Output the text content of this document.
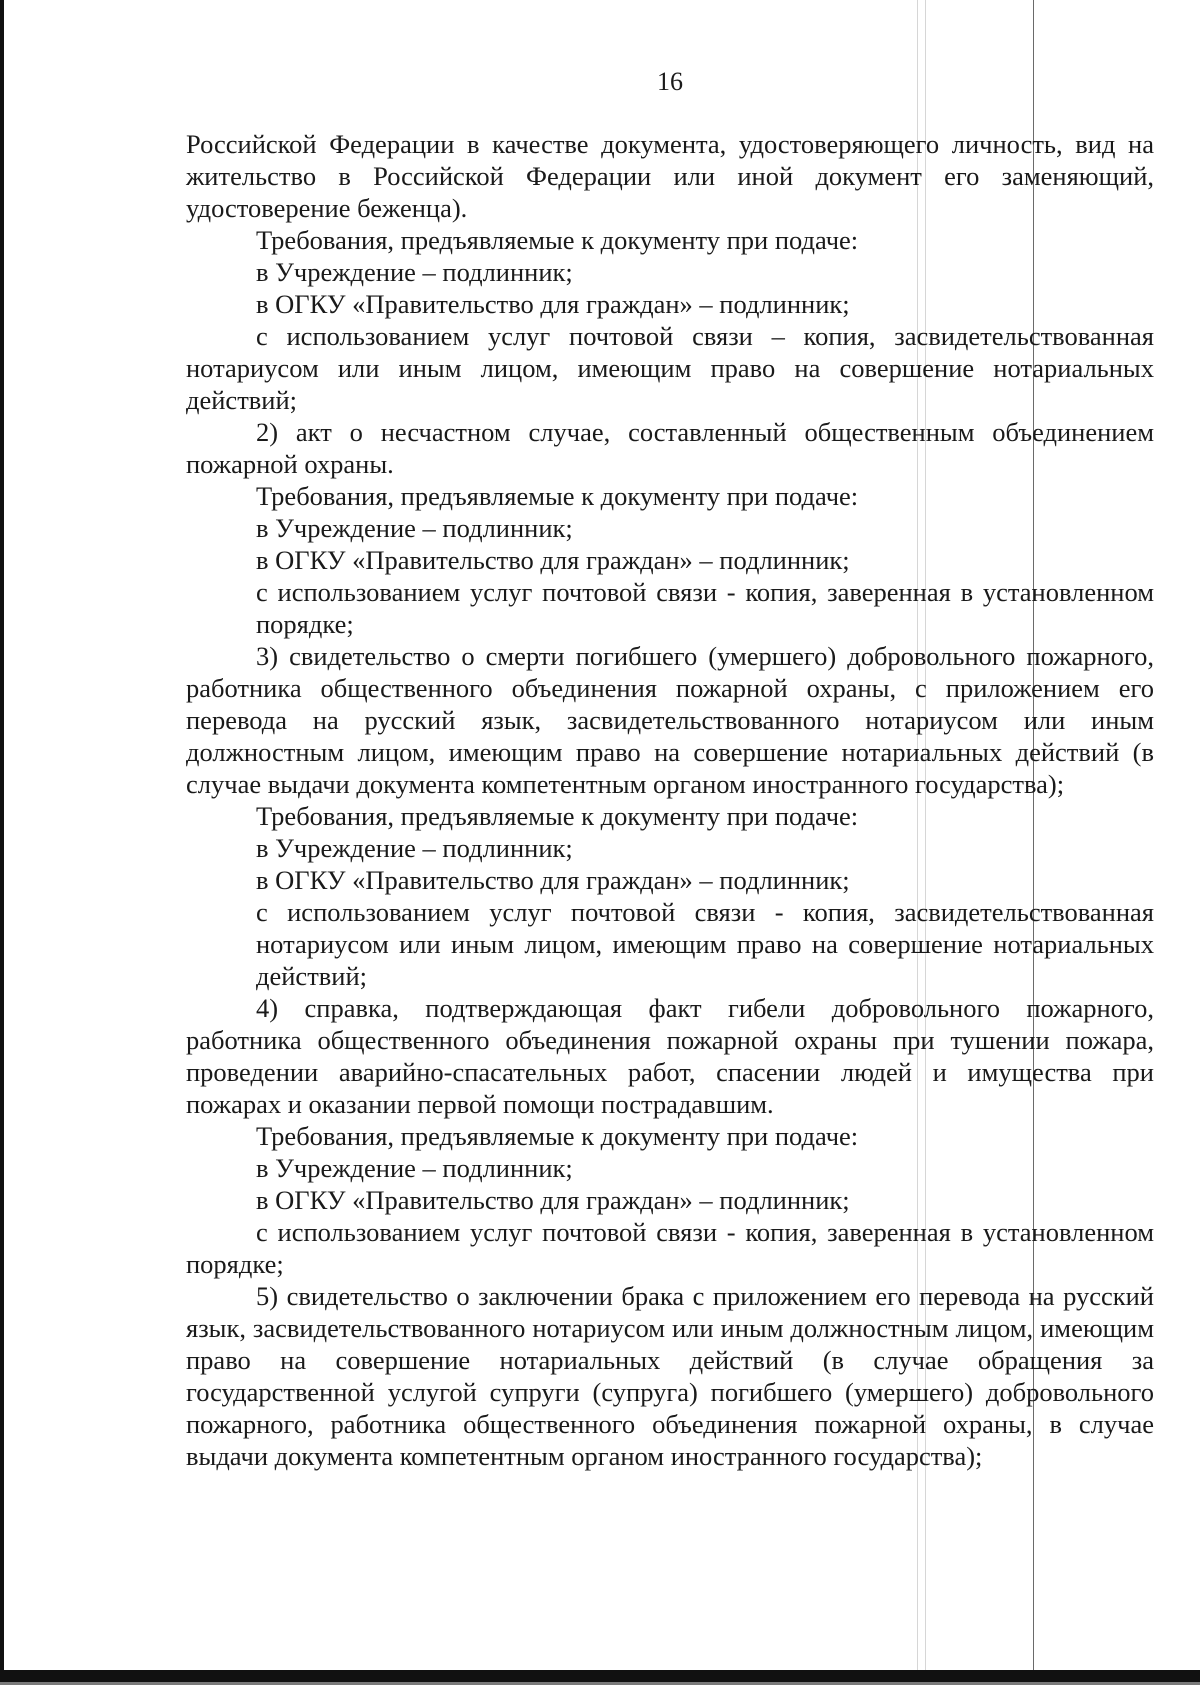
16

Российской Федерации в качестве документа, удостоверяющего личность, вид на жительство в Российской Федерации или иной документ его заменяющий, удостоверение беженца).

Требования, предъявляемые к документу при подаче:

в Учреждение – подлинник;

в ОГКУ «Правительство для граждан» – подлинник;

с использованием услуг почтовой связи – копия, засвидетельствованная нотариусом или иным лицом, имеющим право на совершение нотариальных действий;

2) акт о несчастном случае, составленный общественным объединением пожарной охраны.

Требования, предъявляемые к документу при подаче:

в Учреждение – подлинник;

в ОГКУ «Правительство для граждан» – подлинник;

с использованием услуг почтовой связи - копия, заверенная в установленном порядке;

3) свидетельство о смерти погибшего (умершего) добровольного пожарного, работника общественного объединения пожарной охраны, с приложением его перевода на русский язык, засвидетельствованного нотариусом или иным должностным лицом, имеющим право на совершение нотариальных действий (в случае выдачи документа компетентным органом иностранного государства);

Требования, предъявляемые к документу при подаче:

в Учреждение – подлинник;

в ОГКУ «Правительство для граждан» – подлинник;

с использованием услуг почтовой связи - копия, засвидетельствованная нотариусом или иным лицом, имеющим право на совершение нотариальных действий;

4) справка, подтверждающая факт гибели добровольного пожарного, работника общественного объединения пожарной охраны при тушении пожара, проведении аварийно-спасательных работ, спасении людей и имущества при пожарах и оказании первой помощи пострадавшим.

Требования, предъявляемые к документу при подаче:

в Учреждение – подлинник;

в ОГКУ «Правительство для граждан» – подлинник;

с использованием услуг почтовой связи - копия, заверенная в установленном порядке;

5) свидетельство о заключении брака с приложением его перевода на русский язык, засвидетельствованного нотариусом или иным должностным лицом, имеющим право на совершение нотариальных действий (в случае обращения за государственной услугой супруги (супруга) погибшего (умершего) добровольного пожарного, работника общественного объединения пожарной охраны, в случае выдачи документа компетентным органом иностранного государства);
